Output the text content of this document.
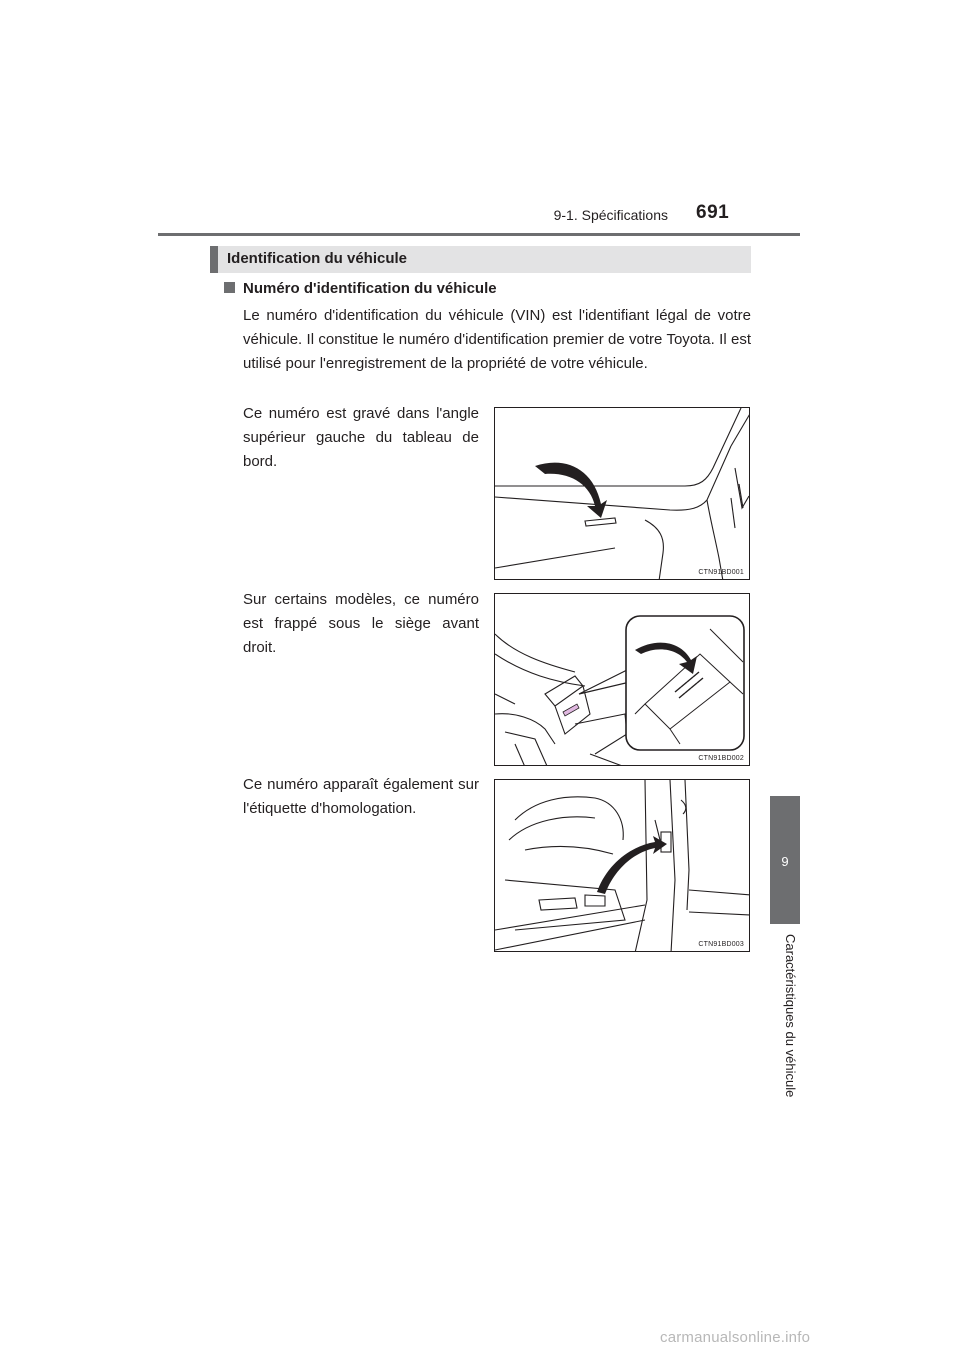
9-1. Spécifications 691
9
Caractéristiques du véhicule
Identification du véhicule
Numéro d'identification du véhicule
Le numéro d'identification du véhicule (VIN) est l'identifiant légal de votre véhicule. Il constitue le numéro d'identification premier de votre Toyota. Il est utilisé pour l'enregistrement de la propriété de votre véhicule.
Ce numéro est gravé dans l'angle supérieur gauche du tableau de bord.
Sur certains modèles, ce numéro est frappé sous le siège avant droit.
Ce numéro apparaît également sur l'étiquette d'homologation.
CTN91BD001
CTN91BD002
CTN91BD003
carmanualsonline.info
